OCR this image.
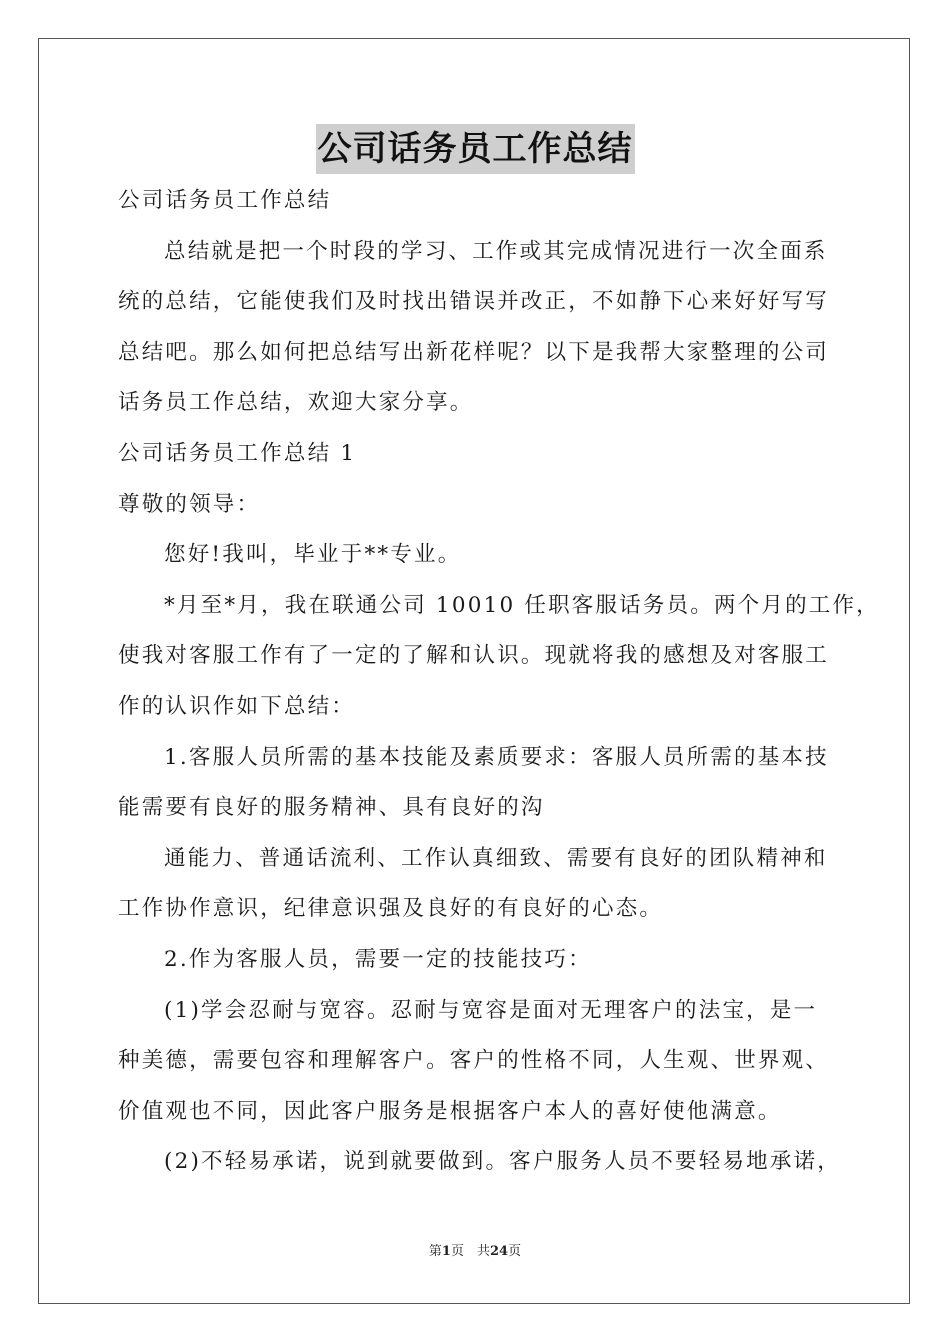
公司话务员工作总结
公司话务员工作总结
总结就是把一个时段的学习、工作或其完成情况进行一次全面系
统的总结，它能使我们及时找出错误并改正，不如静下心来好好写写
总结吧。那么如何把总结写出新花样呢？以下是我帮大家整理的公司
话务员工作总结，欢迎大家分享。
公司话务员工作总结 1
尊敬的领导：
您好!我叫，毕业于**专业。
*月至*月，我在联通公司 10010 任职客服话务员。两个月的工作，
使我对客服工作有了一定的了解和认识。现就将我的感想及对客服工
作的认识作如下总结：
1.客服人员所需的基本技能及素质要求：客服人员所需的基本技
能需要有良好的服务精神、具有良好的沟
通能力、普通话流利、工作认真细致、需要有良好的团队精神和
工作协作意识，纪律意识强及良好的有良好的心态。
2.作为客服人员，需要一定的技能技巧：
(1)学会忍耐与宽容。忍耐与宽容是面对无理客户的法宝，是一
种美德，需要包容和理解客户。客户的性格不同，人生观、世界观、
价值观也不同，因此客户服务是根据客户本人的喜好使他满意。
(2)不轻易承诺，说到就要做到。客户服务人员不要轻易地承诺，
第1页　共24页
